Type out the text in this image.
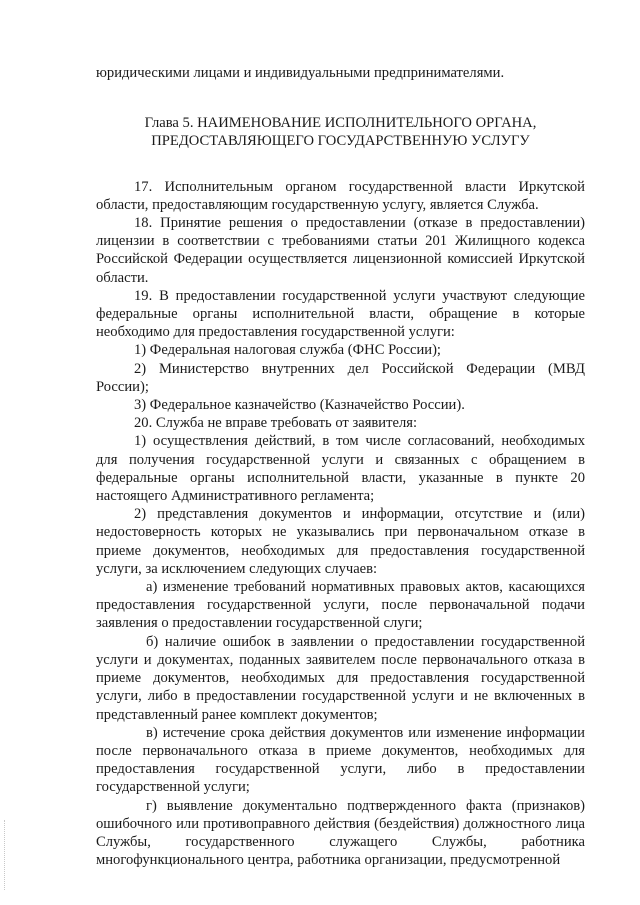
юридическими лицами и индивидуальными предпринимателями.

Глава 5. НАИМЕНОВАНИЕ ИСПОЛНИТЕЛЬНОГО ОРГАНА,
ПРЕДОСТАВЛЯЮЩЕГО ГОСУДАРСТВЕННУЮ УСЛУГУ

17. Исполнительным органом государственной власти Иркутской области, предоставляющим государственную услугу, является Служба.

18. Принятие решения о предоставлении (отказе в предоставлении) лицензии в соответствии с требованиями статьи 201 Жилищного кодекса Российской Федерации осуществляется лицензионной комиссией Иркутской области.

19. В предоставлении государственной услуги участвуют следующие федеральные органы исполнительной власти, обращение в которые необходимо для предоставления государственной услуги:

1) Федеральная налоговая служба (ФНС России);

2) Министерство внутренних дел Российской Федерации (МВД России);

3) Федеральное казначейство (Казначейство России).

20. Служба не вправе требовать от заявителя:

1) осуществления действий, в том числе согласований, необходимых для получения государственной услуги и связанных с обращением в федеральные органы исполнительной власти, указанные в пункте 20 настоящего Административного регламента;

2) представления документов и информации, отсутствие и (или) недостоверность которых не указывались при первоначальном отказе в приеме документов, необходимых для предоставления государственной услуги, за исключением следующих случаев:

а) изменение требований нормативных правовых актов, касающихся предоставления государственной услуги, после первоначальной подачи заявления о предоставлении государственной слуги;

б) наличие ошибок в заявлении о предоставлении государственной услуги и документах, поданных заявителем после первоначального отказа в приеме документов, необходимых для предоставления государственной услуги, либо в предоставлении государственной услуги и не включенных в представленный ранее комплект документов;

в) истечение срока действия документов или изменение информации после первоначального отказа в приеме документов, необходимых для предоставления государственной услуги, либо в предоставлении государственной услуги;

г) выявление документально подтвержденного факта (признаков) ошибочного или противоправного действия (бездействия) должностного лица Службы, государственного служащего Службы, работника многофункционального центра, работника организации, предусмотренной
